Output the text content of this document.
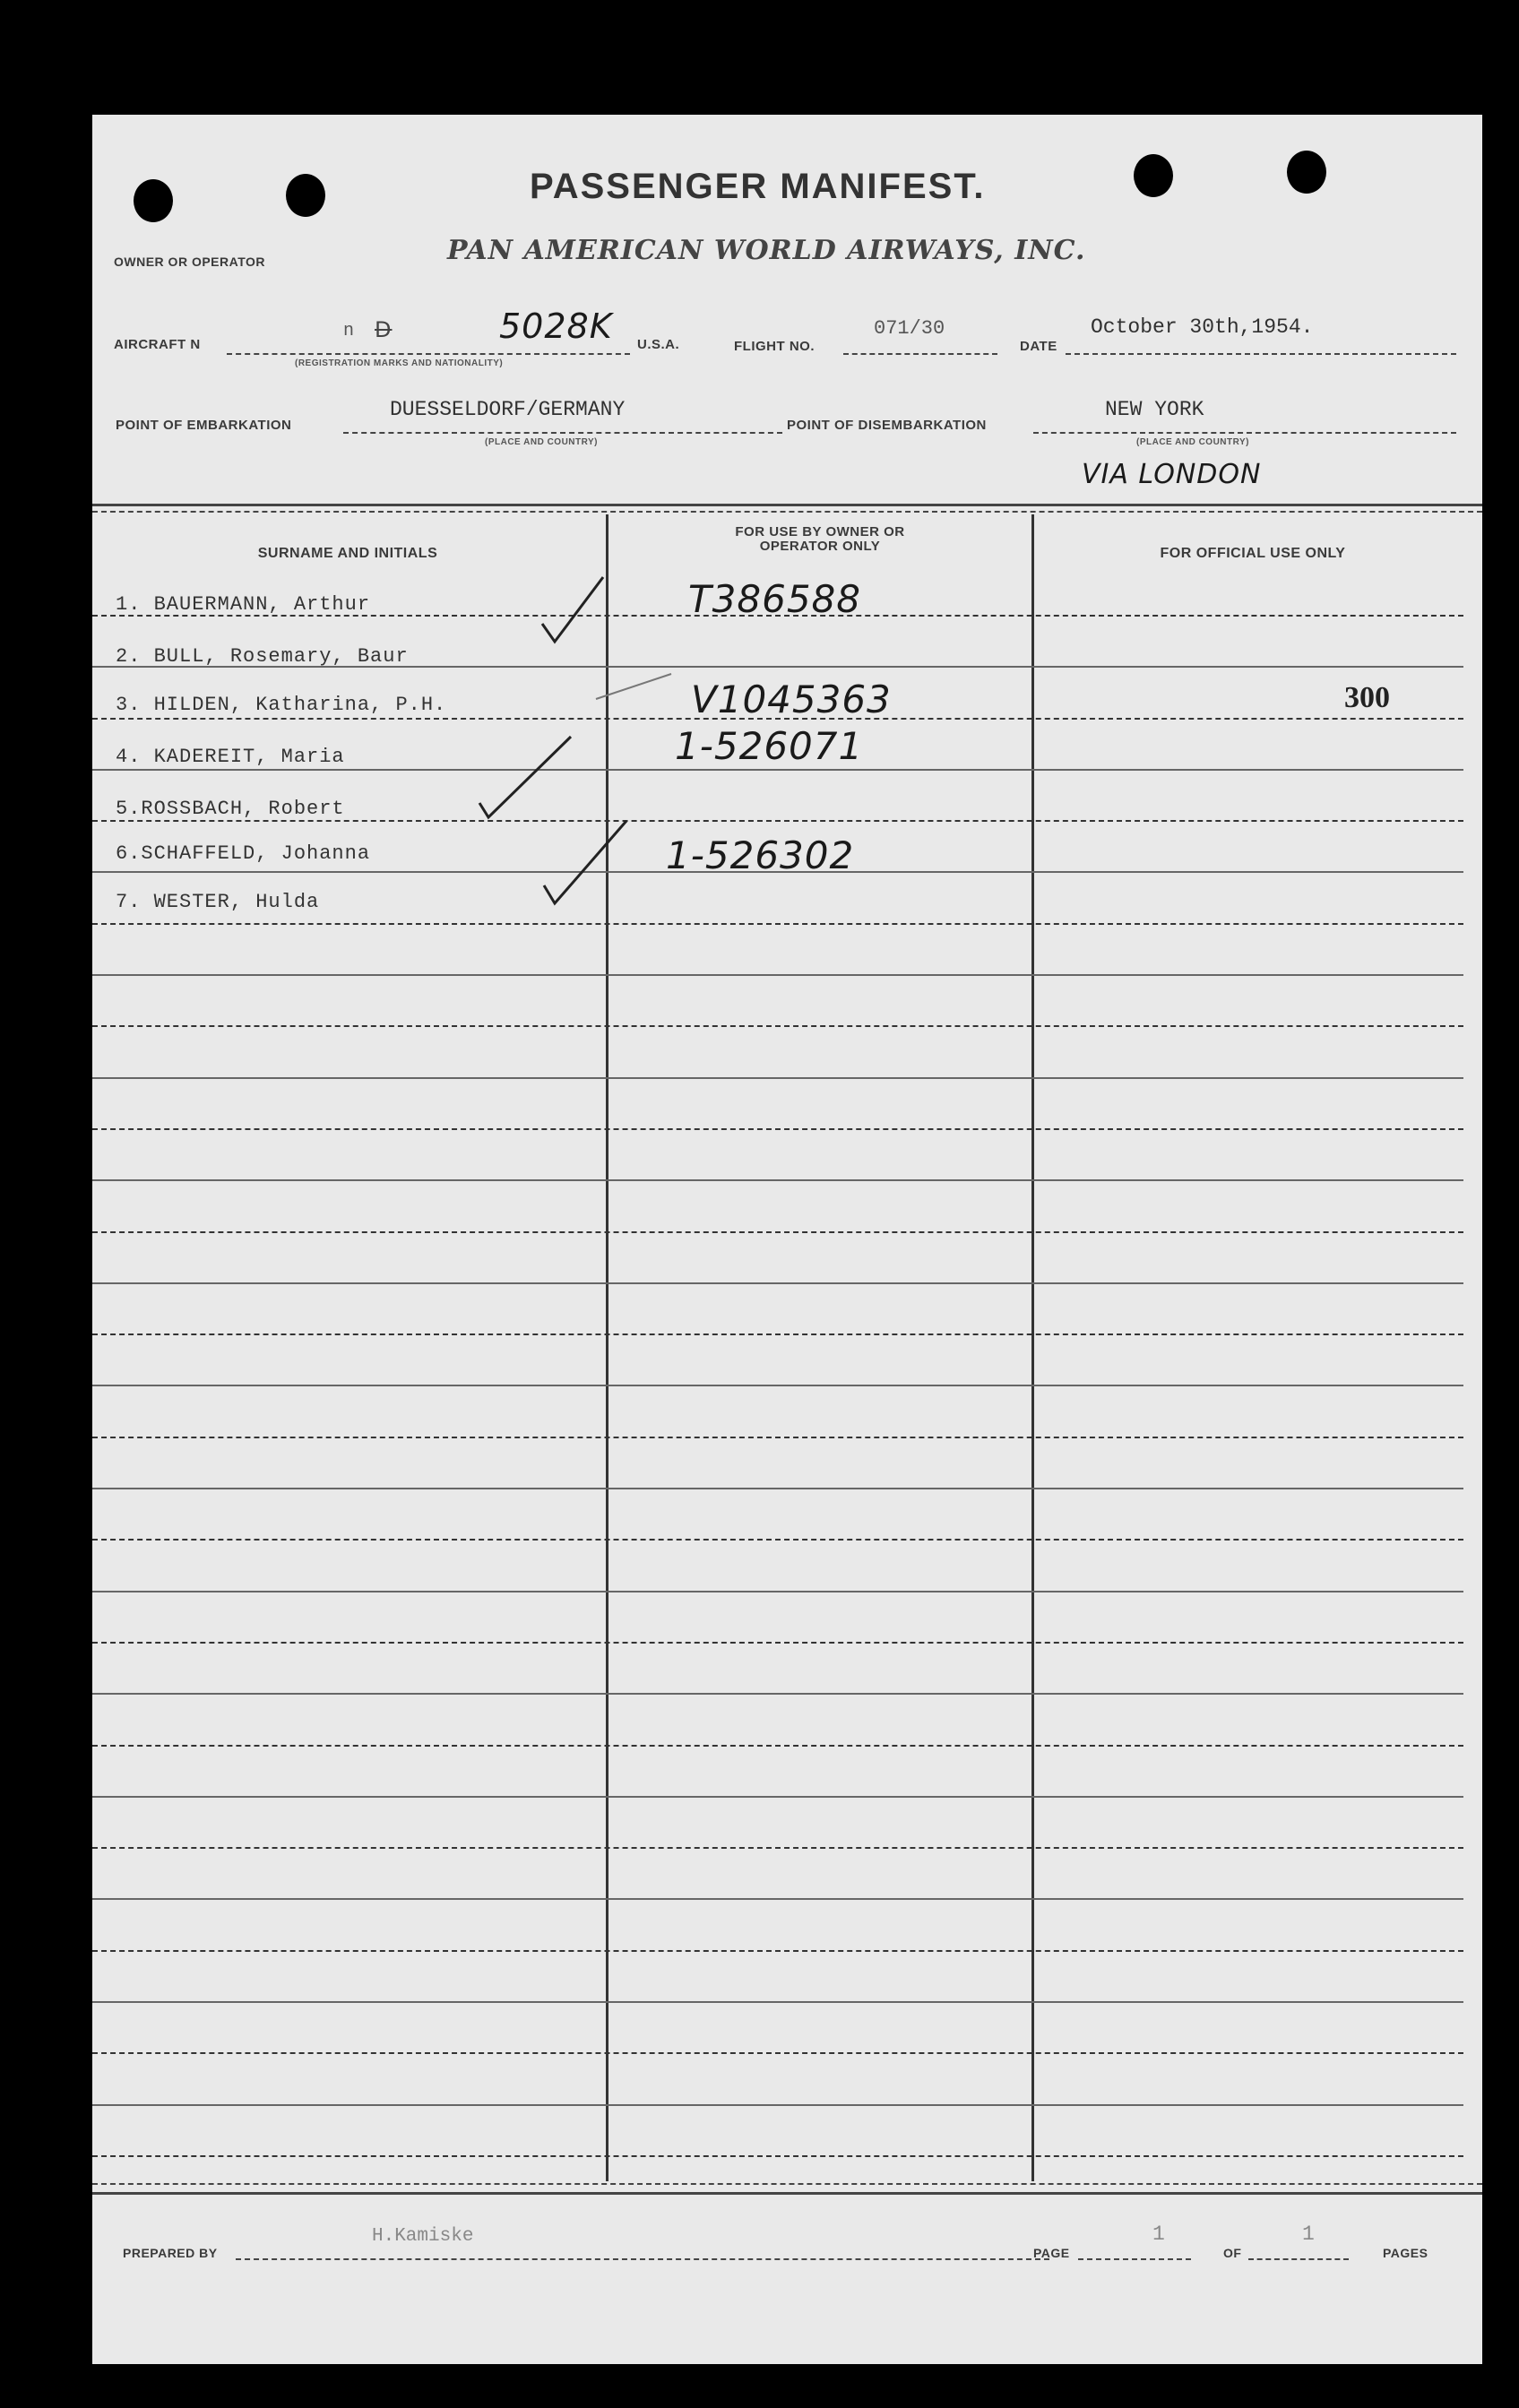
PASSENGER MANIFEST.
OWNER OR OPERATOR	PAN AMERICAN WORLD AIRWAYS, INC.
AIRCRAFT N
n D	5028K
(REGISTRATION MARKS AND NATIONALITY)
U.S.A.	FLIGHT NO.
071/30
DATE
October 30th,1954.
POINT OF EMBARKATION
DUESSELDORF/GERMANY
(PLACE AND COUNTRY)
POINT OF DISEMBARKATION
NEW YORK
(PLACE AND COUNTRY)
VIA LONDON
SURNAME AND INITIALS
FOR USE BY OWNER OR OPERATOR ONLY	FOR OFFICIAL USE ONLY
1. BAUERMANN, Arthur	T386588
2. BULL, Rosemary, Baur
3. HILDEN, Katharina, P.H.	V1045363	300
4. KADEREIT, Maria	1-526071
5.ROSSBACH, Robert
6.SCHAFFELD, Johanna	1-526302
7. WESTER, Hulda
PREPARED BY
H.Kamiske
PAGE
1
OF
1
PAGES
